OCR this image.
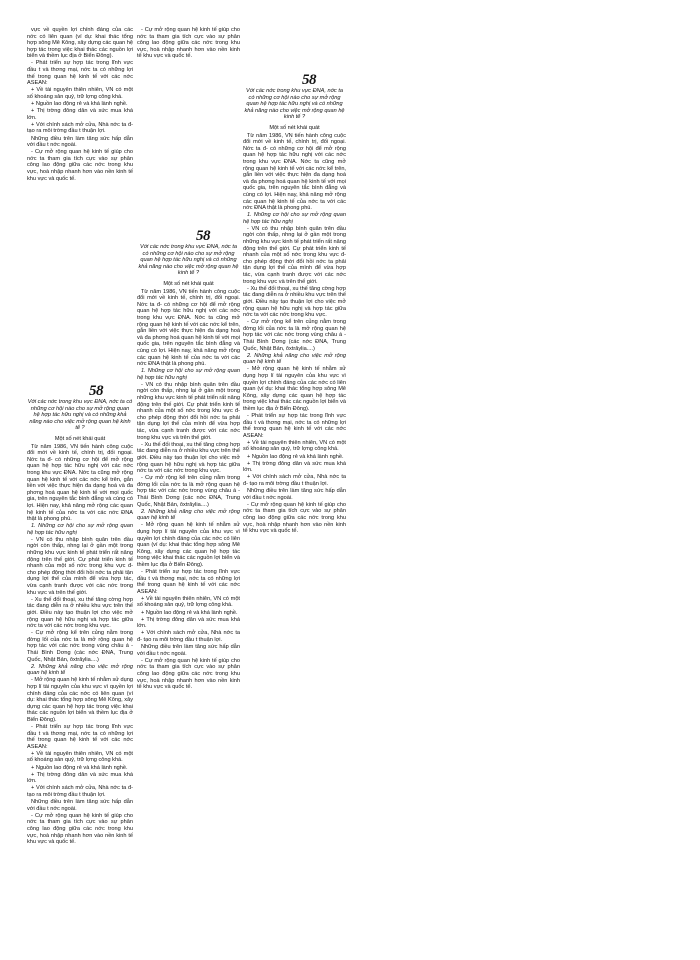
vực về quyền lợi chính đáng của các nớc có liên quan (ví dụ: khai thác tổng hợp sông Mê Kông, xây dựng các quan hệ hợp tác trong việc khai thác các nguồn lợi biển và thềm lục địa ở Biển Đông).

- Phát triển sự hợp tác trong lĩnh vực đầu t và thơng mại, nớc ta có những lợi thế trong quan hệ kinh tế với các nớc ASEAN:

+ Về tài nguyên thiên nhiên, VN có một số khoáng sản quý, trữ lợng công khá.

+ Nguồn lao động rẻ và khá lành nghề.

+ Thị trờng đông dân và sức mua khá lớn.

+ Với chính sách mở cửa, Nhà nớc ta đ- tạo ra môi trờng đầu t thuận lợi.

Những điều trên làm tăng sức hấp dẫn với đầu t nớc ngoài.

- Cự mở rộng quan hệ kinh tế giúp cho nớc ta tham gia tích cực vào sự phân công lao động giữa các nớc trong khu vực, hoà nhập nhanh hơn vào nền kinh tế khu vực và quốc tế.

- Cự mở rộng quan hệ kinh tế giúp cho nớc ta tham gia tích cực vào sự phân công lao động giữa các nớc trong khu vực, hoà nhập nhanh hơn vào nền kinh tế khu vực và quốc tế.

58
Với các nớc trong khu vực ĐNA, nớc ta có những cơ hội nào cho sự mở rộng quan hệ hợp tác hữu nghị và có những khả năng nào cho việc mở rộng quan hệ kinh tế ?
Một số nét khái quát

Từ năm 1986, VN tiến hành công cuộc đổi mới về kinh tế, chính trị, đối ngoại. Nớc ta đ- có những cơ hội để mở rộng quan hệ hợp tác hữu nghị với các nớc trong khu vực ĐNA. Nớc ta cũng mở rộng quan hệ kinh tế với các nớc kể trên, gắn liền với việc thực hiện đa dạng hoá và đa phơng hoá quan hệ kinh tế với mọi quốc gia, trên nguyên tắc bình đẳng và cùng có lợi. Hiện nay, khả năng mở rộng các quan hệ kinh tế của nớc ta với các nớc ĐNA thật là phong phú.

1. Những cơ hội cho sự mở rộng quan hệ hợp tác hữu nghị

- VN có thu nhập bình quân trên đầu ngời còn thấp, nhng lại ở gần một trong những khu vực kinh tế phát triển rất năng động trên thế giới. Cự phát triển kinh tế nhanh của một số nớc trong khu vực đ- cho phép động thời đổi hồi nớc ta phải tận dụng lợi thế của mình để vừa hợp tác, vừa cạnh tranh được với các nớc trong khu vực và trên thế giới.

- Xu thế đối thoại, xu thế tăng cờng hợp tác đang diễn ra ở nhiều khu vực trên thế giới. Điều này tạo thuận lợi cho việc mở rộng quan hệ hữu nghị và hợp tác giữa nớc ta với các nớc trong khu vực.

- Cự mở rộng kể trên củng nằm trong đờng lối của nớc ta là mở rộng quan hệ hợp tác với các nớc trong vùng châu á - Thái Bình Dơng (các nớc ĐNA, Trung Quốc, Nhật Bản, ôxtrâylia....)

2. Những khả năng cho việc mở rộng quan hệ kinh tế

- Mở rộng quan hệ kinh tế nhằm sử dụng hợp lí tài nguyên của khu vực vì quyền lợi chính đáng của các nớc có liên quan (ví dụ: khai thác tổng hợp sông Mê Kông, xây dựng các quan hệ hợp tác trong việc khai thác các nguồn lợi biển và thềm lục địa ở Biển Đông).

- Phát triển sự hợp tác trong lĩnh vực đầu t và thơng mại, nớc ta có những lợi thế trong quan hệ kinh tế với các nớc ASEAN:

+ Về tài nguyên thiên nhiên, VN có một số khoáng sản quý, trữ lợng công khá.

+ Nguồn lao động rẻ và khá lành nghề.

+ Thị trờng đông dân và sức mua khá lớn.

+ Với chính sách mở cửa, Nhà nớc ta đ- tạo ra môi trờng đầu t thuận lợi.

Những điều trên làm tăng sức hấp dẫn với đầu t nớc ngoài.

- Cự mở rộng quan hệ kinh tế giúp cho nớc ta tham gia tích cực vào sự phân công lao động giữa các nớc trong khu vực, hoà nhập nhanh hơn vào nền kinh tế khu vực và quốc tế.

58
Với các nớc trong khu vực ĐNA, nớc ta có những cơ hội nào cho sự mở rộng quan hệ hợp tác hữu nghị và có những khả năng nào cho việc mở rộng quan hệ kinh tế ?
Một số nét khái quát

Từ năm 1986, VN tiến hành công cuộc đổi mới về kinh tế, chính trị, đối ngoại. Nớc ta đ- có những cơ hội để mở rộng quan hệ hợp tác hữu nghị với các nớc trong khu vực ĐNA. Nớc ta cũng mở rộng quan hệ kinh tế với các nớc kể trên, gắn liền với việc thực hiện đa dạng hoá và đa phơng hoá quan hệ kinh tế với mọi quốc gia, trên nguyên tắc bình đẳng và cùng có lợi. Hiện nay, khả năng mở rộng các quan hệ kinh tế của nớc ta với các nớc ĐNA thật là phong phú.

1. Những cơ hội cho sự mở rộng quan hệ hợp tác hữu nghị

- VN có thu nhập bình quân trên đầu ngời còn thấp, nhng lại ở gần một trong những khu vực kinh tế phát triển rất năng động trên thế giới. Cự phát triển kinh tế nhanh của một số nớc trong khu vực đ- cho phép động thời đổi hồi nớc ta phải tận dụng lợi thế của mình để vừa hợp tác, vừa cạnh tranh được với các nớc trong khu vực và trên thế giới.

- Xu thế đối thoại, xu thế tăng cờng hợp tác đang diễn ra ở nhiều khu vực trên thế giới. Điều này tạo thuận lợi cho việc mở rộng quan hệ hữu nghị và hợp tác giữa nớc ta với các nớc trong khu vực.

- Cự mở rộng kể trên củng nằm trong đờng lối của nớc ta là mở rộng quan hệ hợp tác với các nớc trong vùng châu á - Thái Bình Dơng (các nớc ĐNA, Trung Quốc, Nhật Bản, ôxtrâylia....)

2. Những khả năng cho việc mở rộng quan hệ kinh tế

- Mở rộng quan hệ kinh tế nhằm sử dụng hợp lí tài nguyên của khu vực vì quyền lợi chính đáng của các nớc có liên quan (ví dụ: khai thác tổng hợp sông Mê Kông, xây dựng các quan hệ hợp tác trong việc khai thác các nguồn lợi biển và thềm lục địa ở Biển Đông).

- Phát triển sự hợp tác trong lĩnh vực đầu t và thơng mại, nớc ta có những lợi thế trong quan hệ kinh tế với các nớc ASEAN:

+ Về tài nguyên thiên nhiên, VN có một số khoáng sản quý, trữ lợng công khá.

+ Nguồn lao động rẻ và khá lành nghề.

+ Thị trờng đông dân và sức mua khá lớn.

+ Với chính sách mở cửa, Nhà nớc ta đ- tạo ra môi trờng đầu t thuận lợi.

Những điều trên làm tăng sức hấp dẫn với đầu t nớc ngoài.

- Cự mở rộng quan hệ kinh tế giúp cho nớc ta tham gia tích cực vào sự phân công lao động giữa các nớc trong khu vực, hoà nhập nhanh hơn vào nền kinh tế khu vực và quốc tế.

58
Với các nớc trong khu vực ĐNA, nớc ta có những cơ hội nào cho sự mở rộng quan hệ hợp tác hữu nghị và có những khả năng nào cho việc mở rộng quan hệ kinh tế ?
Một số nét khái quát

Từ năm 1986, VN tiến hành công cuộc đổi mới về kinh tế, chính trị, đối ngoại. Nớc ta đ- có những cơ hội để mở rộng quan hệ hợp tác hữu nghị với các nớc trong khu vực ĐNA. Nớc ta cũng mở rộng quan hệ kinh tế với các nớc kể trên, gắn liền với việc thực hiện đa dạng hoá và đa phơng hoá quan hệ kinh tế với mọi quốc gia, trên nguyên tắc bình đẳng và cùng có lợi. Hiện nay, khả năng mở rộng các quan hệ kinh tế của nớc ta với các nớc ĐNA thật là phong phú.

1. Những cơ hội cho sự mở rộng quan hệ hợp tác hữu nghị

- VN có thu nhập bình quân trên đầu ngời còn thấp, nhng lại ở gần một trong những khu vực kinh tế phát triển rất năng động trên thế giới. Cự phát triển kinh tế nhanh của một số nớc trong khu vực đ- cho phép động thời đổi hồi nớc ta phải tận dụng lợi thế của mình để vừa hợp tác, vừa cạnh tranh được với các nớc trong khu vực và trên thế giới.

- Xu thế đối thoại, xu thế tăng cờng hợp tác đang diễn ra ở nhiều khu vực trên thế giới. Điều này tạo thuận lợi cho việc mở rộng quan hệ hữu nghị và hợp tác giữa nớc ta với các nớc trong khu vực.

- Cự mở rộng kể trên củng nằm trong đờng lối của nớc ta là mở rộng quan hệ hợp tác với các nớc trong vùng châu á - Thái Bình Dơng (các nớc ĐNA, Trung Quốc, Nhật Bản, ôxtrâylia....)

2. Những khả năng cho việc mở rộng quan hệ kinh tế

- Mở rộng quan hệ kinh tế nhằm sử dụng hợp lí tài nguyên của khu vực vì quyền lợi chính đáng của các nớc có liên quan (ví dụ: khai thác tổng hợp sông Mê Kông, xây dựng các quan hệ hợp tác trong việc khai thác các nguồn lợi biển và thềm lục địa ở Biển Đông).

- Phát triển sự hợp tác trong lĩnh vực đầu t và thơng mại, nớc ta có những lợi thế trong quan hệ kinh tế với các nớc ASEAN:

+ Về tài nguyên thiên nhiên, VN có một số khoáng sản quý, trữ lợng công khá.

+ Nguồn lao động rẻ và khá lành nghề.

+ Thị trờng đông dân và sức mua khá lớn.

+ Với chính sách mở cửa, Nhà nớc ta đ- tạo ra môi trờng đầu t thuận lợi.

Những điều trên làm tăng sức hấp dẫn với đầu t nớc ngoài.

- Cự mở rộng quan hệ kinh tế giúp cho nớc ta tham gia tích cực vào sự phân công lao động giữa các nớc trong khu vực, hoà nhập nhanh hơn vào nền kinh tế khu vực và quốc tế.
